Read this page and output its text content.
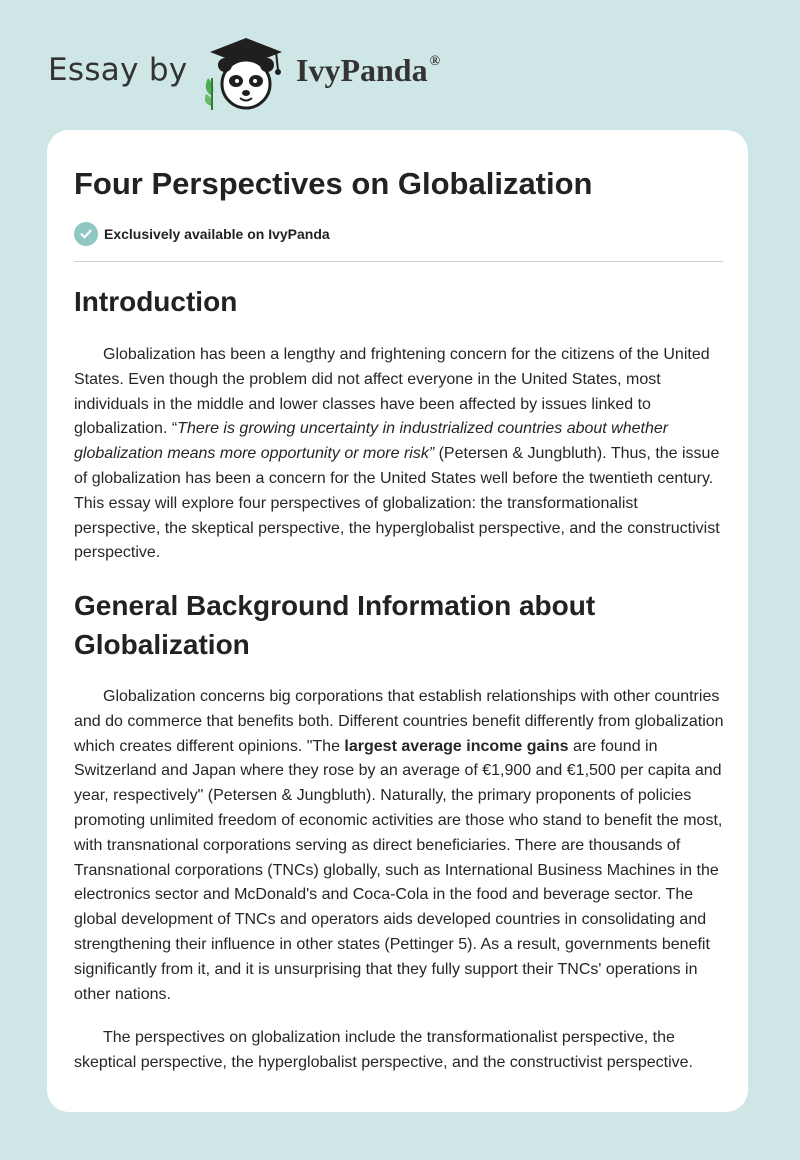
Essay by	IvyPanda ®
Four Perspectives on Globalization
Exclusively available on IvyPanda
Introduction

Globalization has been a lengthy and frightening concern for the citizens of the United States. Even though the problem did not affect everyone in the United States, most individuals in the middle and lower classes have been affected by issues linked to globalization. “There is growing uncertainty in industrialized countries about whether globalization means more opportunity or more risk” (Petersen & Jungbluth). Thus, the issue of globalization has been a concern for the United States well before the twentieth century. This essay will explore four perspectives of globalization: the transformationalist perspective, the skeptical perspective, the hyperglobalist perspective, and the constructivist perspective.

General Background Information about
Globalization

Globalization concerns big corporations that establish relationships with other countries and do commerce that benefits both. Different countries benefit differently from globalization which creates different opinions. "The largest average income gains are found in Switzerland and Japan where they rose by an average of €1,900 and €1,500 per capita and year, respectively" (Petersen & Jungbluth). Naturally, the primary proponents of policies promoting unlimited freedom of economic activities are those who stand to benefit the most, with transnational corporations serving as direct beneficiaries. There are thousands of Transnational corporations (TNCs) globally, such as International Business Machines in the electronics sector and McDonald's and Coca-Cola in the food and beverage sector. The global development of TNCs and operators aids developed countries in consolidating and strengthening their influence in other states (Pettinger 5). As a result, governments benefit significantly from it, and it is unsurprising that they fully support their TNCs' operations in other nations.

The perspectives on globalization include the transformationalist perspective, the skeptical perspective, the hyperglobalist perspective, and the constructivist perspective.
